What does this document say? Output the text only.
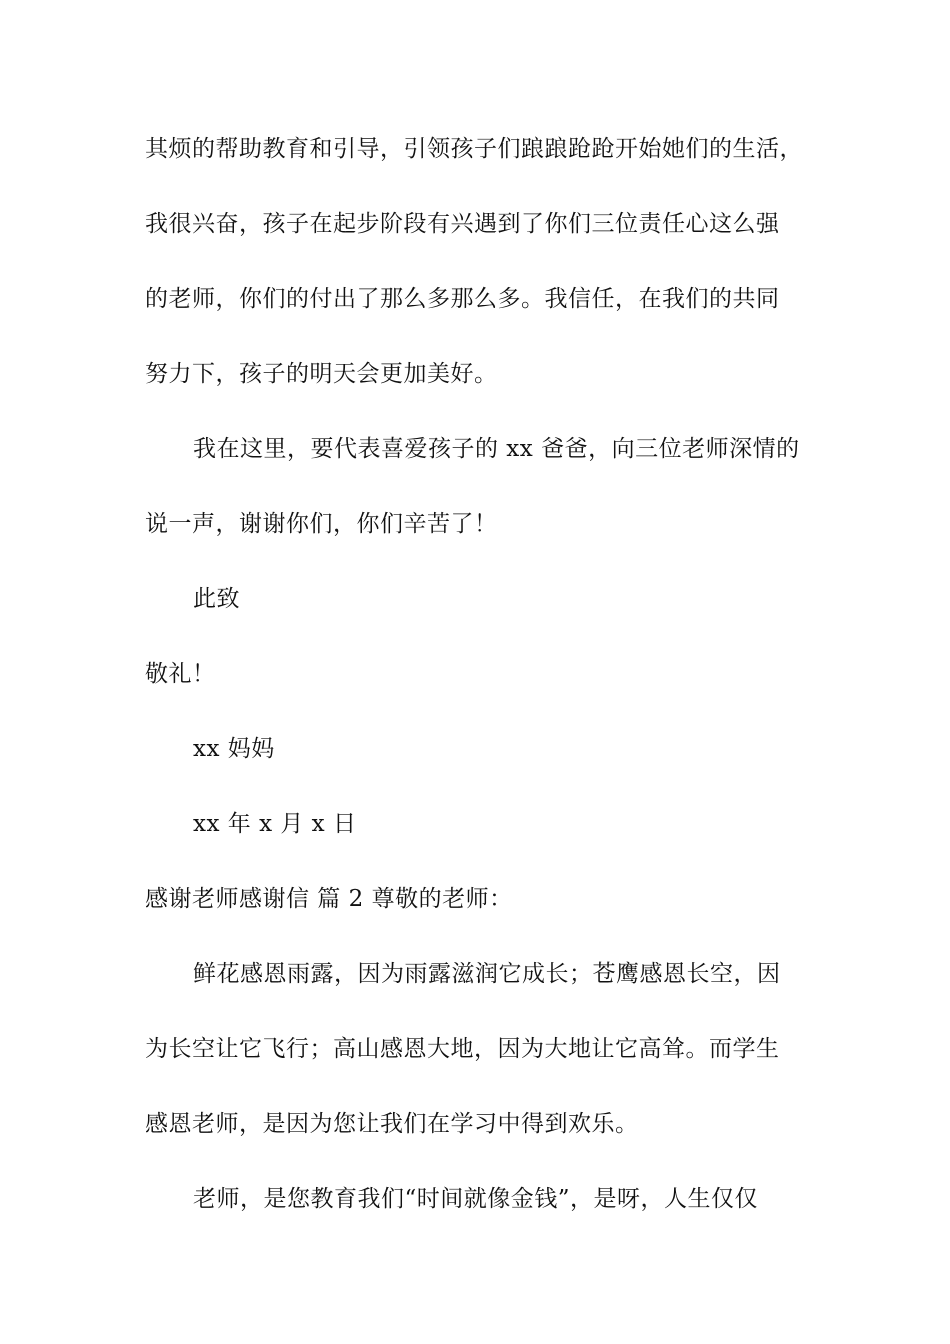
其烦的帮助教育和引导，引领孩子们踉踉跄跄开始她们的生活，
我很兴奋，孩子在起步阶段有兴遇到了你们三位责任心这么强
的老师，你们的付出了那么多那么多。我信任，在我们的共同
努力下，孩子的明天会更加美好。
我在这里，要代表喜爱孩子的 xx 爸爸，向三位老师深情的
说一声，谢谢你们，你们辛苦了！
此致
敬礼！
xx 妈妈
xx 年 x 月 x 日
感谢老师感谢信 篇 2 尊敬的老师：
鲜花感恩雨露，因为雨露滋润它成长；苍鹰感恩长空，因
为长空让它飞行；高山感恩大地，因为大地让它高耸。而学生
感恩老师，是因为您让我们在学习中得到欢乐。
老师，是您教育我们“时间就像金钱”，是呀，人生仅仅
